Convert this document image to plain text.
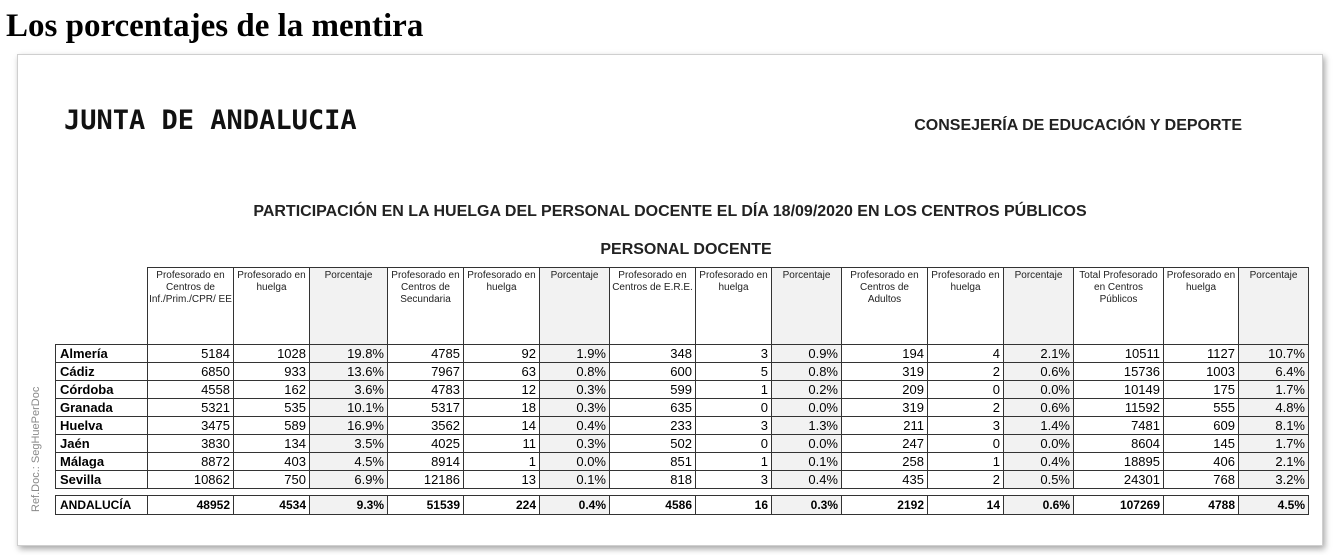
Los porcentajes de la mentira
JUNTA DE ANDALUCIA	CONSEJERÍA DE EDUCACIÓN Y DEPORTE
PARTICIPACIÓN EN LA HUELGA DEL PERSONAL DOCENTE EL DÍA 18/09/2020 EN LOS CENTROS PÚBLICOS
PERSONAL DOCENTE
Ref.Doc.: SegHuePerDoc
	Profesorado en Centros de Inf./Prim./CPR/ EE	Profesorado en huelga	Porcentaje	Profesorado en Centros de Secundaria	Profesorado en huelga	Porcentaje	Profesorado en Centros de E.R.E.	Profesorado en huelga	Porcentaje	Profesorado en Centros de Adultos	Profesorado en huelga	Porcentaje	Total Profesorado en Centros Públicos	Profesorado en huelga	Porcentaje
Almería	5184	1028	19.8%	4785	92	1.9%	348	3	0.9%	194	4	2.1%	10511	1127	10.7%
Cádiz	6850	933	13.6%	7967	63	0.8%	600	5	0.8%	319	2	0.6%	15736	1003	6.4%
Córdoba	4558	162	3.6%	4783	12	0.3%	599	1	0.2%	209	0	0.0%	10149	175	1.7%
Granada	5321	535	10.1%	5317	18	0.3%	635	0	0.0%	319	2	0.6%	11592	555	4.8%
Huelva	3475	589	16.9%	3562	14	0.4%	233	3	1.3%	211	3	1.4%	7481	609	8.1%
Jaén	3830	134	3.5%	4025	11	0.3%	502	0	0.0%	247	0	0.0%	8604	145	1.7%
Málaga	8872	403	4.5%	8914	1	0.0%	851	1	0.1%	258	1	0.4%	18895	406	2.1%
Sevilla	10862	750	6.9%	12186	13	0.1%	818	3	0.4%	435	2	0.5%	24301	768	3.2%

ANDALUCÍA	48952	4534	9.3%	51539	224	0.4%	4586	16	0.3%	2192	14	0.6%	107269	4788	4.5%
